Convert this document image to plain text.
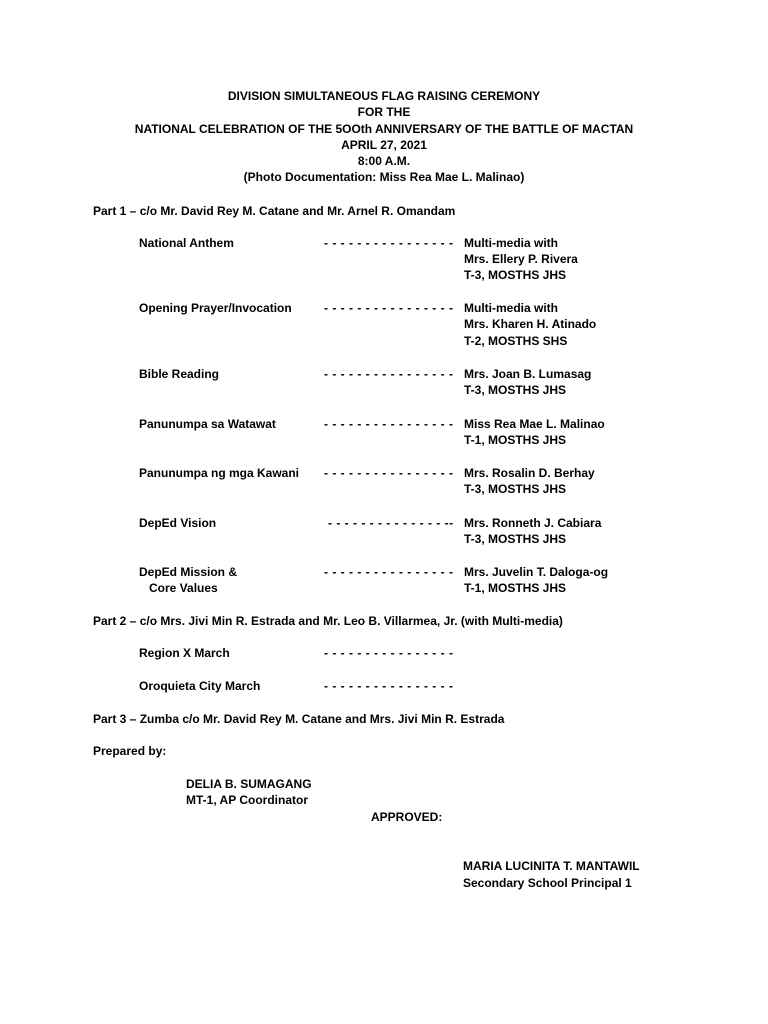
DIVISION SIMULTANEOUS FLAG RAISING CEREMONY
FOR THE
NATIONAL CELEBRATION OF THE 5OOth ANNIVERSARY OF THE BATTLE OF MACTAN
APRIL 27, 2021
8:00 A.M.
(Photo Documentation: Miss Rea Mae L. Malinao)
Part 1 – c/o Mr. David Rey M. Catane and Mr. Arnel R. Omandam
National Anthem	- - - - - - - - - - - - - - - - Multi-media with
Mrs. Ellery P. Rivera
T-3, MOSTHS JHS
Opening Prayer/Invocation	- - - - - - - - - - - - - - - - Multi-media with
Mrs. Kharen H. Atinado
T-2, MOSTHS SHS
Bible Reading	- - - - - - - - - - - - - - - - Mrs. Joan B. Lumasag
T-3, MOSTHS JHS
Panunumpa sa Watawat	- - - - - - - - - - - - - - - - Miss Rea Mae L. Malinao
T-1, MOSTHS JHS
Panunumpa ng mga Kawani - - - - - - - - - - - - - - - - Mrs. Rosalin D. Berhay
T-3, MOSTHS JHS
DepEd Vision	- - - - - - - - - - - - - - -- Mrs. Ronneth J. Cabiara
T-3, MOSTHS JHS
DepEd Mission &
Core Values
- - - - - - - - - - - - - - - - Mrs. Juvelin T. Daloga-og
T-1, MOSTHS JHS
Part 2 – c/o Mrs. Jivi Min R. Estrada and Mr. Leo B. Villarmea, Jr. (with Multi-media)
Region X March	- - - - - - - - - - - - - - - -
Oroquieta City March	- - - - - - - - - - - - - - - -
Part 3 – Zumba c/o Mr. David Rey M. Catane and Mrs. Jivi Min R. Estrada
Prepared by:
DELIA B. SUMAGANG
MT-1, AP Coordinator
APPROVED:
MARIA LUCINITA T. MANTAWIL
Secondary School Principal 1
